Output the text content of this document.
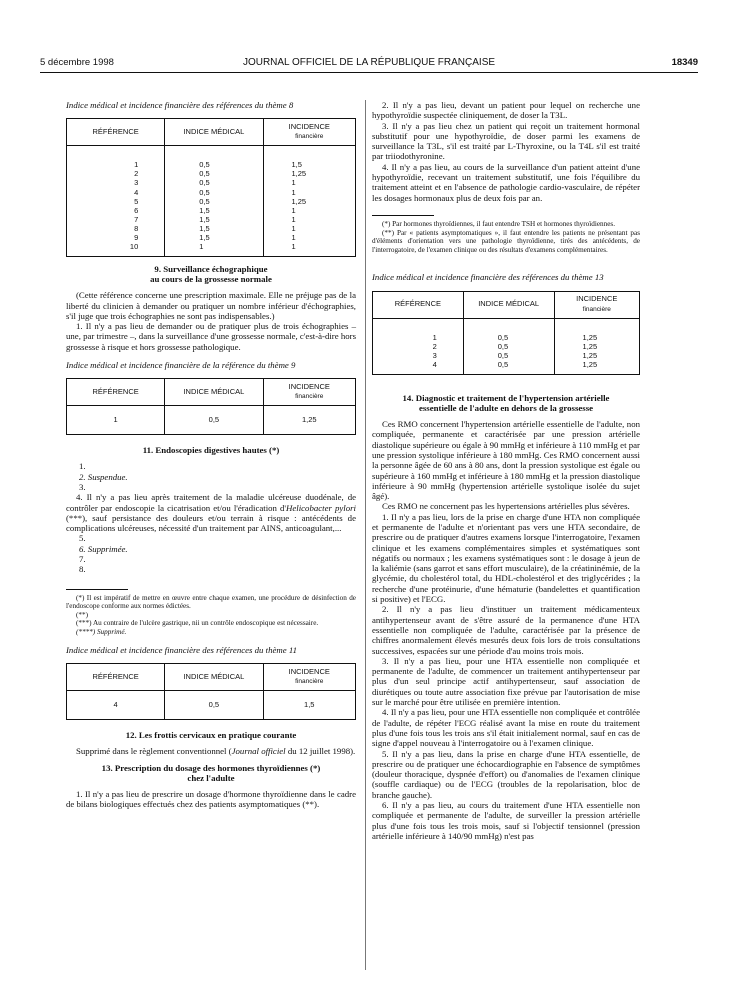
5 décembre 1998	JOURNAL OFFICIEL DE LA RÉPUBLIQUE FRANÇAISE	18349

Indice médical et incidence financière des références du thème 8

RÉFÉRENCE	INDICE MÉDICAL	INCIDENCE
financière

1	0,5	1,5
2	0,5	1,25
3	0,5	1
4	0,5	1
5	0,5	1,25
6	1,5	1
7	1,5	1
8	1,5	1
9	1,5	1
10	1	1
9. Surveillance échographique
au cours de la grossesse normale

(Cette référence concerne une prescription maximale. Elle ne préjuge pas de la liberté du clinicien à demander ou pratiquer un nombre inférieur d'échographies, s'il juge que trois échographies ne sont pas indispensables.)

1. Il n'y a pas lieu de demander ou de pratiquer plus de trois échographies – une, par trimestre –, dans la surveillance d'une grossesse normale, c'est-à-dire hors grossesse à risque et hors grossesse pathologique.

Indice médical et incidence financière de la référence du thème 9

RÉFÉRENCE	INDICE MÉDICAL	INCIDENCE
financière

1	0,5	1,25
11. Endoscopies digestives hautes (*)
1.
2. Suspendue.
3.

4. Il n'y a pas lieu après traitement de la maladie ulcéreuse duodénale, de contrôler par endoscopie la cicatrisation et/ou l'éradication d'Helicobacter pylori (***), sauf persistance des douleurs et/ou terrain à risque : antécédents de complications ulcéreuses, nécessité d'un traitement par AINS, anticoagulant,...

5.
6. Supprimée.
7.
8.

(*) Il est impératif de mettre en œuvre entre chaque examen, une procédure de désinfection de l'endoscope conforme aux normes édictées.

(**)

(***) Au contraire de l'ulcère gastrique, nii un contrôle endoscopique est nécessaire.

(****) Supprimé.

Indice médical et incidence financière des références du thème 11

RÉFÉRENCE	INDICE MÉDICAL	INCIDENCE
financière

4	0,5	1,5
12. Les frottis cervicaux en pratique courante

Supprimé dans le règlement conventionnel (Journal officiel du 12 juillet 1998).

13. Prescription du dosage des hormones thyroïdiennes (*)
chez l'adulte

1. Il n'y a pas lieu de prescrire un dosage d'hormone thyroïdienne dans le cadre de bilans biologiques effectués chez des patients asymptomatiques (**).

2. Il n'y a pas lieu, devant un patient pour lequel on recherche une hypothyroïdie suspectée cliniquement, de doser la T3L.

3. Il n'y a pas lieu chez un patient qui reçoit un traitement hormonal substitutif pour une hypothyroïdie, de doser parmi les examens de surveillance la T3L, s'il est traité par L-Thyroxine, ou la T4L s'il est traité par triiodothyronine.

4. Il n'y a pas lieu, au cours de la surveillance d'un patient atteint d'une hypothyroïdie, recevant un traitement substitutif, une fois l'équilibre du traitement atteint et en l'absence de pathologie cardio-vasculaire, de répéter les dosages hormonaux plus de deux fois par an.

(*) Par hormones thyroïdiennes, il faut entendre TSH et hormones thyroïdiennes.

(**) Par « patients asymptomatiques », il faut entendre les patients ne présentant pas d'éléments d'orientation vers une pathologie thyroïdienne, tirés des antécédents, de l'interrogatoire, de l'examen clinique ou des résultats d'examens complémentaires.

Indice médical et incidence financière des références du thème 13

RÉFÉRENCE	INDICE MÉDICAL	INCIDENCE
financière

1	0,5	1,25
2	0,5	1,25
3	0,5	1,25
4	0,5	1,25
14. Diagnostic et traitement de l'hypertension artérielle
essentielle de l'adulte en dehors de la grossesse

Ces RMO concernent l'hypertension artérielle essentielle de l'adulte, non compliquée, permanente et caractérisée par une pression artérielle diastolique supérieure ou égale à 90 mmHg et inférieure à 110 mmHg et par une pression systolique inférieure à 180 mmHg. Ces RMO concernent aussi la personne âgée de 60 ans à 80 ans, dont la pression systolique est égale ou supérieure à 160 mmHg et inférieure à 180 mmHg et la pression diastolique inférieure à 90 mmHg (hypertension artérielle systolique isolée du sujet âgé).

Ces RMO ne concernent pas les hypertensions artérielles plus sévères.

1. Il n'y a pas lieu, lors de la prise en charge d'une HTA non compliquée et permanente de l'adulte et n'orientant pas vers une HTA secondaire, de prescrire ou de pratiquer d'autres examens lorsque l'interrogatoire, l'examen clinique et les examens complémentaires simples et systématiques sont négatifs ou normaux ; les examens systématiques sont : le dosage à jeun de la kaliémie (sans garrot et sans effort musculaire), de la créatininémie, de la glycémie, du cholestérol total, du HDL-cholestérol et des triglycérides ; la recherche d'une protéinurie, d'une hématurie (bandelettes et quantification si positive) et l'ECG.

2. Il n'y a pas lieu d'instituer un traitement médicamenteux antihypertenseur avant de s'être assuré de la permanence d'une HTA essentielle non compliquée de l'adulte, caractérisée par la présence de chiffres anormalement élevés mesurés deux fois lors de trois consultations successives, espacées sur une période d'au moins trois mois.

3. Il n'y a pas lieu, pour une HTA essentielle non compliquée et permanente de l'adulte, de commencer un traitement antihypertenseur par plus d'un seul principe actif antihypertenseur, sauf association de diurétiques ou toute autre association fixe prévue par l'autorisation de mise sur le marché pour être utilisée en première intention.

4. Il n'y a pas lieu, pour une HTA essentielle non compliquée et contrôlée de l'adulte, de répéter l'ECG réalisé avant la mise en route du traitement plus d'une fois tous les trois ans s'il était initialement normal, sauf en cas de signe d'appel nouveau à l'interrogatoire ou à l'examen clinique.

5. Il n'y a pas lieu, dans la prise en charge d'une HTA essentielle, de prescrire ou de pratiquer une échocardiographie en l'absence de symptômes (douleur thoracique, dyspnée d'effort) ou d'anomalies de l'examen clinique (souffle cardiaque) ou de l'ECG (troubles de la repolarisation, bloc de branche gauche).

6. Il n'y a pas lieu, au cours du traitement d'une HTA essentielle non compliquée et permanente de l'adulte, de surveiller la pression artérielle plus d'une fois tous les trois mois, sauf si l'objectif tensionnel (pression artérielle inférieure à 140/90 mmHg) n'est pas
